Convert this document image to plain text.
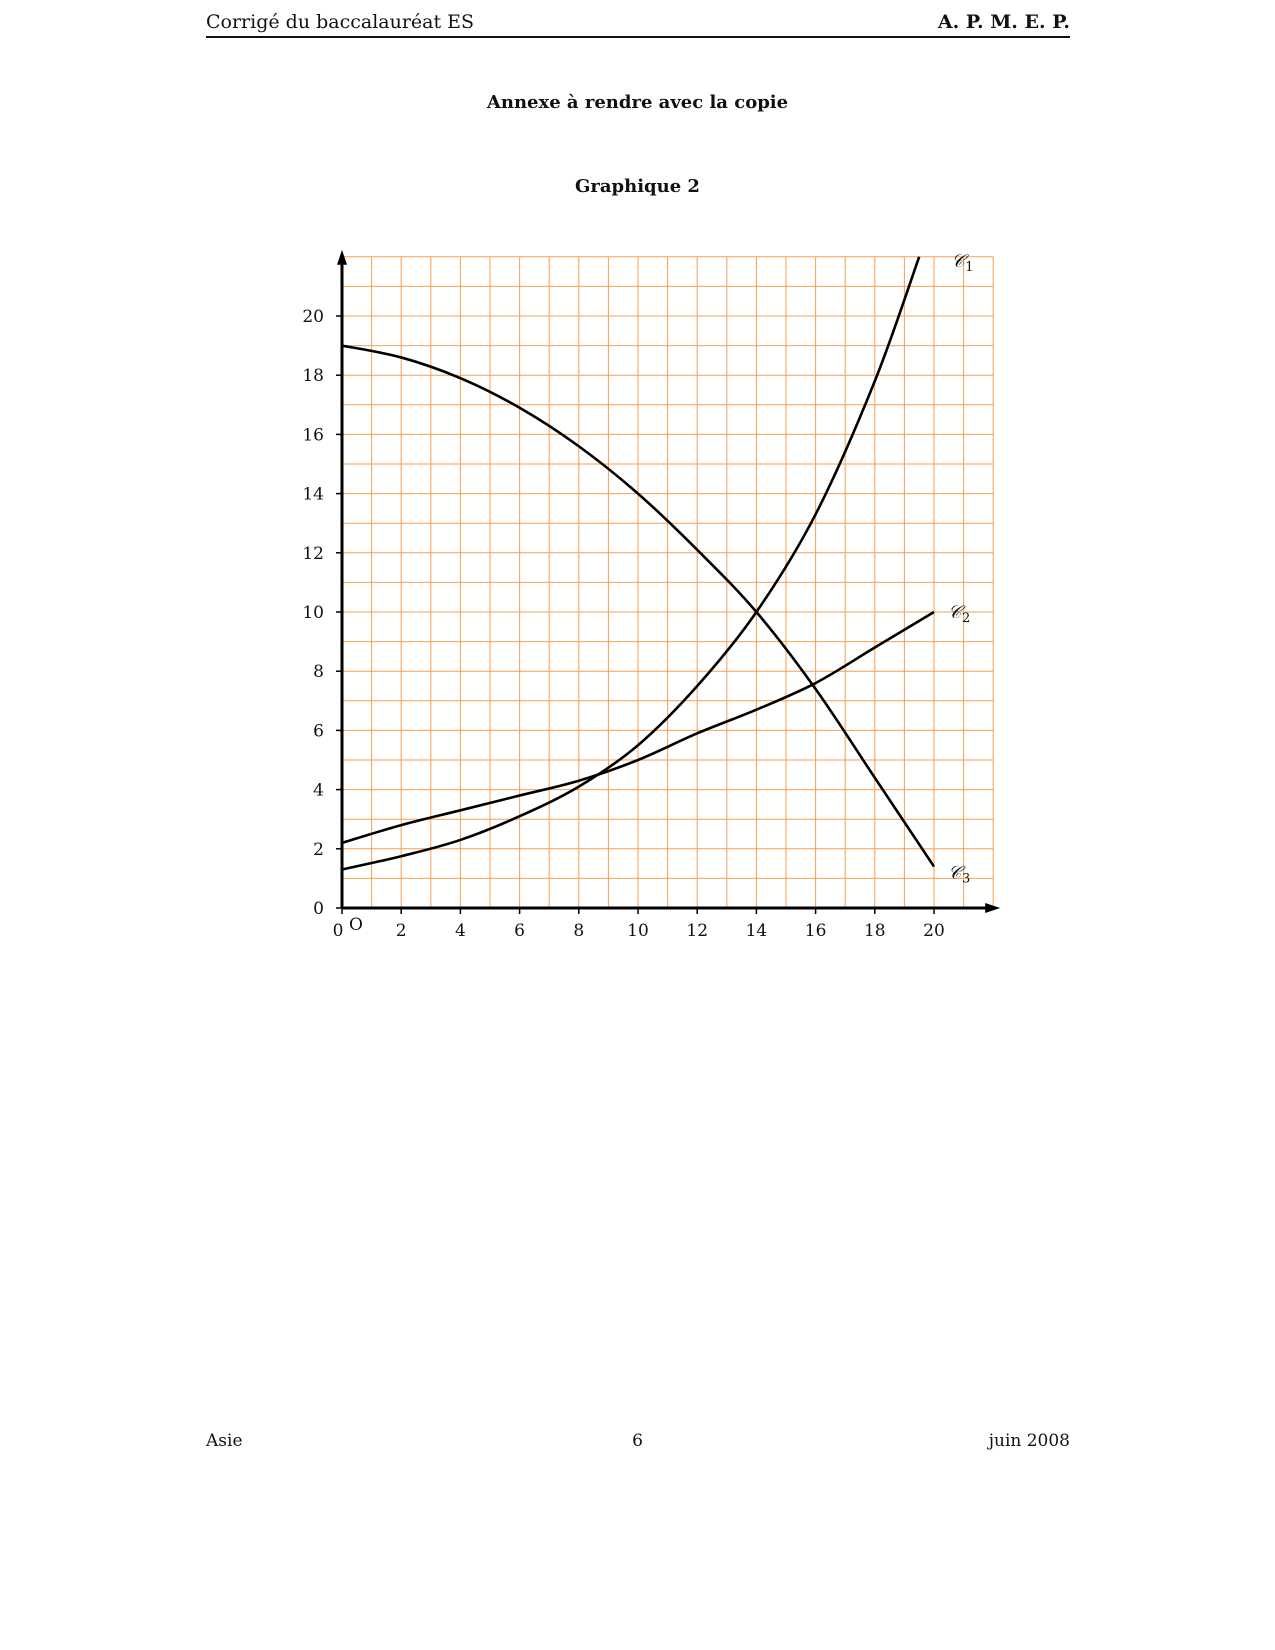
Corrigé du baccalauréat ES	A. P. M. E. P.
Annexe à rendre avec la copie
Graphique 2
0	2	4	6	8	10 12 14 16 18 20
0
2
4
6
8
10
12
14
16
18
20
O
𝒞 1
𝒞 2
𝒞 3
Asie	6	juin 2008
